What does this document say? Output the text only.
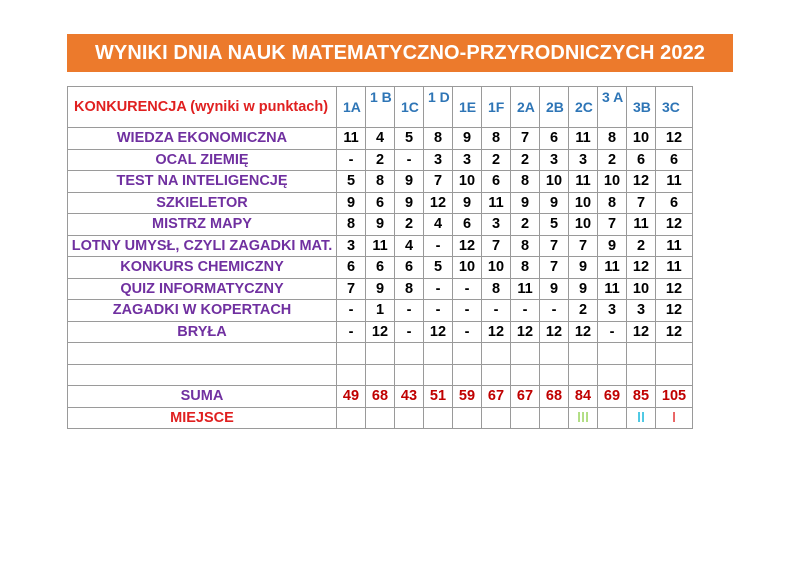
WYNIKI DNIA NAUK MATEMATYCZNO-PRZYRODNICZYCH 2022
KONKURENCJA (wyniki w punktach)	1A	1 B	1C	1 D	1E	1F	2A	2B	2C	3 A	3B	3C
WIEDZA EKONOMICZNA	11	4	5	8	9	8	7	6	11	8	10	12
OCAL ZIEMIĘ	-	2	-	3	3	2	2	3	3	2	6	6
TEST NA INTELIGENCJĘ	5	8	9	7	10	6	8	10	11	10	12	11
SZKIELETOR	9	6	9	12	9	11	9	9	10	8	7	6
MISTRZ MAPY	8	9	2	4	6	3	2	5	10	7	11	12
LOTNY UMYSŁ, CZYLI ZAGADKI MAT.	3	11	4	-	12	7	8	7	7	9	2	11
KONKURS CHEMICZNY	6	6	6	5	10	10	8	7	9	11	12	11
QUIZ INFORMATYCZNY	7	9	8	-	-	8	11	9	9	11	10	12
ZAGADKI W KOPERTACH	-	1	-	-	-	-	-	-	2	3	3	12
BRYŁA	-	12	-	12	-	12	12	12	12	-	12	12

SUMA	49	68	43	51	59	67	67	68	84	69	85	105
MIEJSCE									III		II	I
